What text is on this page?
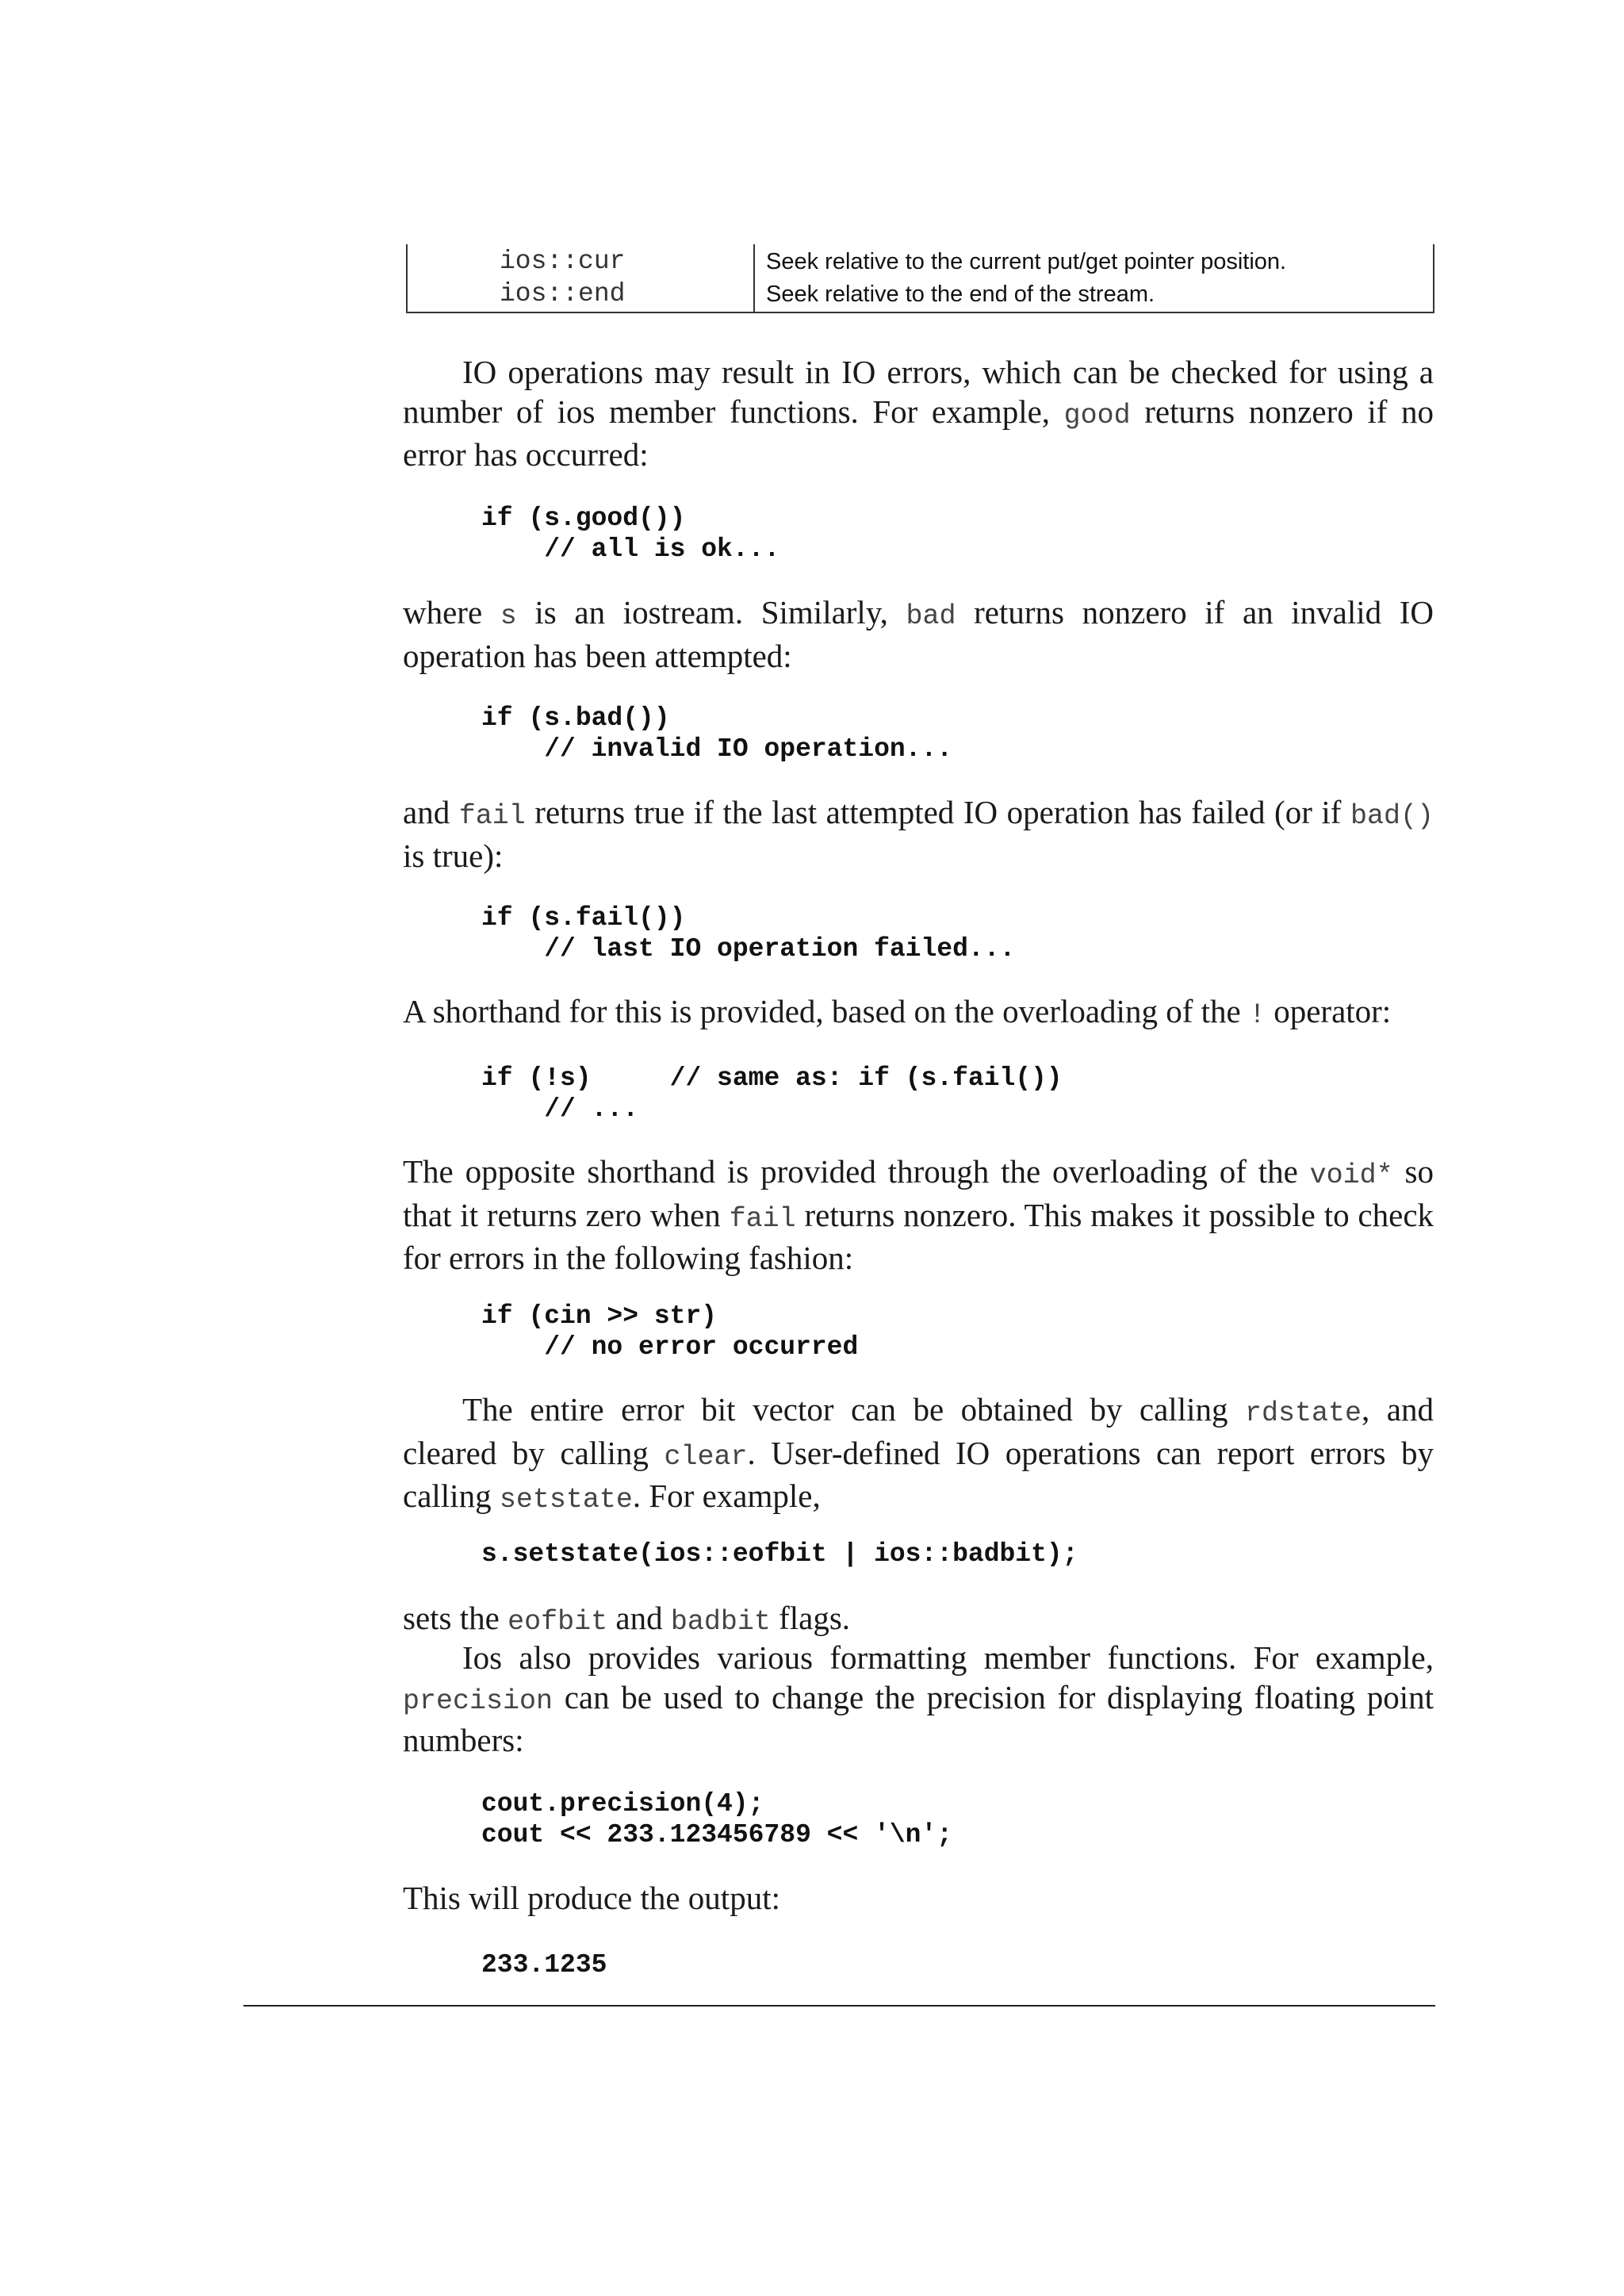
ios::cur	Seek relative to the current put/get pointer position.
ios::end	Seek relative to the end of the stream.

IO operations may result in IO errors, which can be checked for using a number of ios member functions. For example, good returns nonzero if no error has occurred:

if (s.good())
// all is ok...

where s is an iostream. Similarly, bad returns nonzero if an invalid IO operation has been attempted:

if (s.bad())
// invalid IO operation...

and fail returns true if the last attempted IO operation has failed (or if bad() is true):

if (s.fail())
// last IO operation failed...

A shorthand for this is provided, based on the overloading of the ! operator:

if (!s)     // same as: if (s.fail())
// ...

The opposite shorthand is provided through the overloading of the void* so that it returns zero when fail returns nonzero. This makes it possible to check for errors in the following fashion:

if (cin >> str)
// no error occurred

The entire error bit vector can be obtained by calling rdstate, and cleared by calling clear. User-defined IO operations can report errors by calling setstate. For example,

s.setstate(ios::eofbit | ios::badbit);

sets the eofbit and badbit flags.

Ios also provides various formatting member functions. For example, precision can be used to change the precision for displaying floating point numbers:

cout.precision(4);
cout << 233.123456789 << '\n';

This will produce the output:

233.1235
